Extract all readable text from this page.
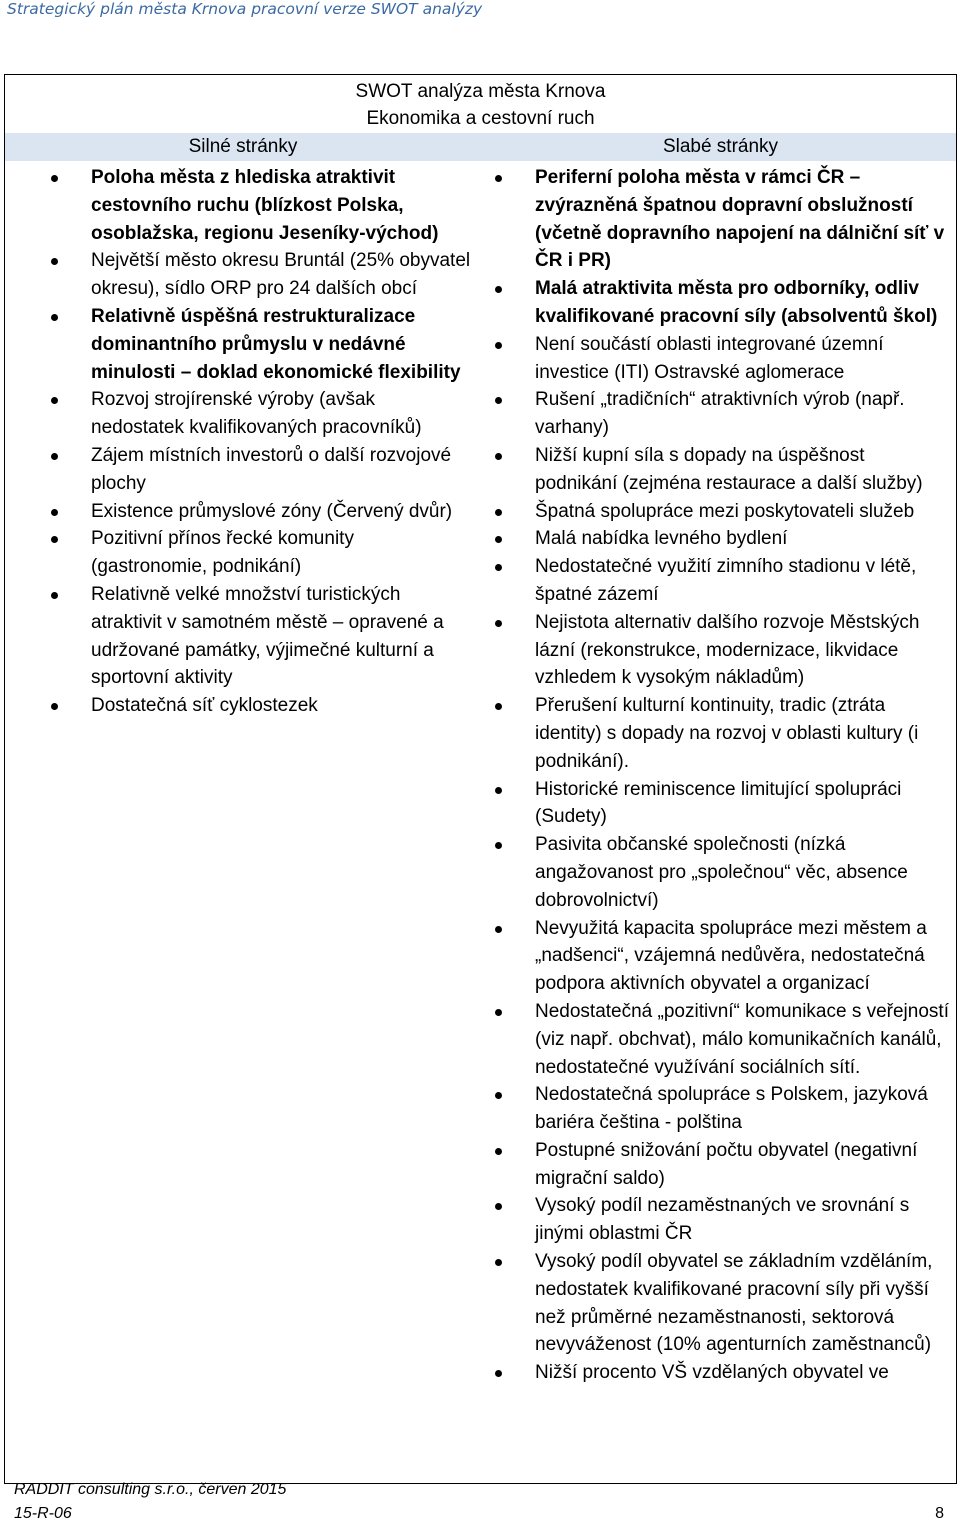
Strategický plán města Krnova pracovní verze SWOT analýzy
SWOT analýza města Krnova
Ekonomika a cestovní ruch
Silné stránky	Slabé stránky
Poloha města z hlediska atraktivit cestovního ruchu (blízkost Polska, osoblažska, regionu Jeseníky-východ)
Největší město okresu Bruntál (25% obyvatel okresu), sídlo ORP pro 24 dalších obcí
Relativně úspěšná restrukturalizace dominantního průmyslu v nedávné minulosti – doklad ekonomické flexibility
Rozvoj strojírenské výroby (avšak nedostatek kvalifikovaných pracovníků)
Zájem místních investorů o další rozvojové plochy
Existence průmyslové zóny (Červený dvůr)
Pozitivní přínos řecké komunity (gastronomie, podnikání)
Relativně velké množství turistických atraktivit v samotném městě – opravené a udržované památky, výjimečné kulturní a sportovní aktivity
Dostatečná síť cyklostezek
Periferní poloha města v rámci ČR – zvýrazněná špatnou dopravní obslužností (včetně dopravního napojení na dálniční síť v ČR i PR)
Malá atraktivita města pro odborníky, odliv kvalifikované pracovní síly (absolventů škol)
Není součástí oblasti integrované územní investice (ITI) Ostravské aglomerace
Rušení „tradičních“ atraktivních výrob (např. varhany)
Nižší kupní síla s dopady na úspěšnost podnikání (zejména restaurace a další služby)
Špatná spolupráce mezi poskytovateli služeb
Malá nabídka levného bydlení
Nedostatečné využití zimního stadionu v létě, špatné zázemí
Nejistota alternativ dalšího rozvoje Městských lázní (rekonstrukce, modernizace, likvidace vzhledem k vysokým nákladům)
Přerušení kulturní kontinuity, tradic (ztráta identity) s dopady na rozvoj v oblasti kultury (i podnikání).
Historické reminiscence limitující spolupráci (Sudety)
Pasivita občanské společnosti (nízká angažovanost pro „společnou“ věc, absence dobrovolnictví)
Nevyužitá kapacita spolupráce mezi městem a „nadšenci“, vzájemná nedůvěra, nedostatečná podpora aktivních obyvatel a organizací
Nedostatečná „pozitivní“ komunikace s veřejností (viz např. obchvat), málo komunikačních kanálů, nedostatečné využívání sociálních sítí.
Nedostatečná spolupráce s Polskem, jazyková bariéra čeština - polština
Postupné snižování počtu obyvatel (negativní migrační saldo)
Vysoký podíl nezaměstnaných ve srovnání s jinými oblastmi ČR
Vysoký podíl obyvatel se základním vzděláním, nedostatek kvalifikované pracovní síly při vyšší než průměrné nezaměstnanosti, sektorová nevyváženost (10% agenturních zaměstnanců)
Nižší procento VŠ vzdělaných obyvatel ve
RADDIT consulting s.r.o., červen 2015
15-R-06	8
